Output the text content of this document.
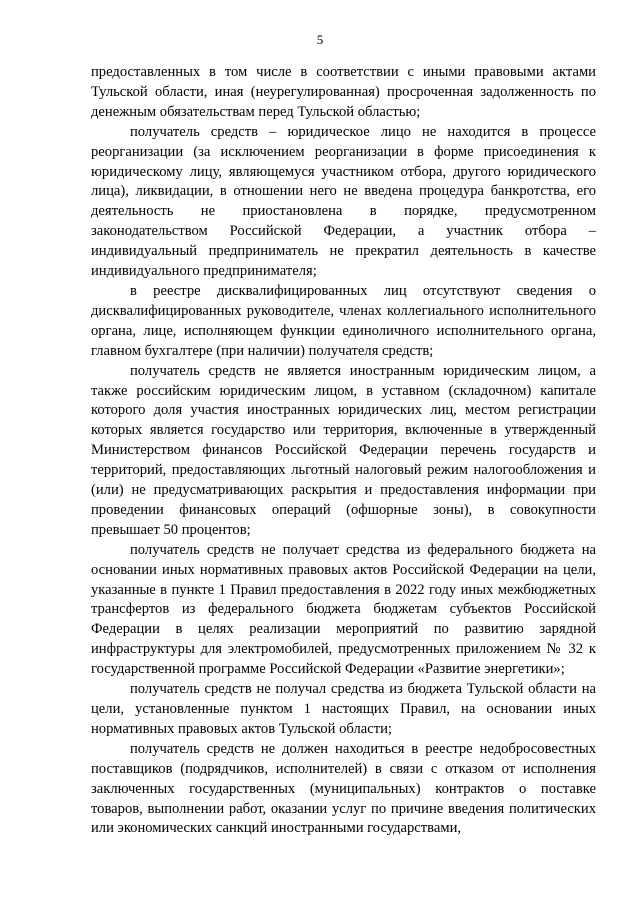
5

предоставленных в том числе в соответствии с иными правовыми актами Тульской области, иная (неурегулированная) просроченная задолженность по денежным обязательствам перед Тульской областью;

получатель средств – юридическое лицо не находится в процессе реорганизации (за исключением реорганизации в форме присоединения к юридическому лицу, являющемуся участником отбора, другого юридического лица), ликвидации, в отношении него не введена процедура банкротства, его деятельность не приостановлена в порядке, предусмотренном законодательством Российской Федерации, а участник отбора – индивидуальный предприниматель не прекратил деятельность в качестве индивидуального предпринимателя;

в реестре дисквалифицированных лиц отсутствуют сведения о дисквалифицированных руководителе, членах коллегиального исполнительного органа, лице, исполняющем функции единоличного исполнительного органа, главном бухгалтере (при наличии) получателя средств;

получатель средств не является иностранным юридическим лицом, а также российским юридическим лицом, в уставном (складочном) капитале которого доля участия иностранных юридических лиц, местом регистрации которых является государство или территория, включенные в утвержденный Министерством финансов Российской Федерации перечень государств и территорий, предоставляющих льготный налоговый режим налогообложения и (или) не предусматривающих раскрытия и предоставления информации при проведении финансовых операций (офшорные зоны), в совокупности превышает 50 процентов;

получатель средств не получает средства из федерального бюджета на основании иных нормативных правовых актов Российской Федерации на цели, указанные в пункте 1 Правил предоставления в 2022 году иных межбюджетных трансфертов из федерального бюджета бюджетам субъектов Российской Федерации в целях реализации мероприятий по развитию зарядной инфраструктуры для электромобилей, предусмотренных приложением № 32 к государственной программе Российской Федерации «Развитие энергетики»;

получатель средств не получал средства из бюджета Тульской области на цели, установленные пунктом 1 настоящих Правил, на основании иных нормативных правовых актов Тульской области;

получатель средств не должен находиться в реестре недобросовестных поставщиков (подрядчиков, исполнителей) в связи с отказом от исполнения заключенных государственных (муниципальных) контрактов о поставке товаров, выполнении работ, оказании услуг по причине введения политических или экономических санкций иностранными государствами,
